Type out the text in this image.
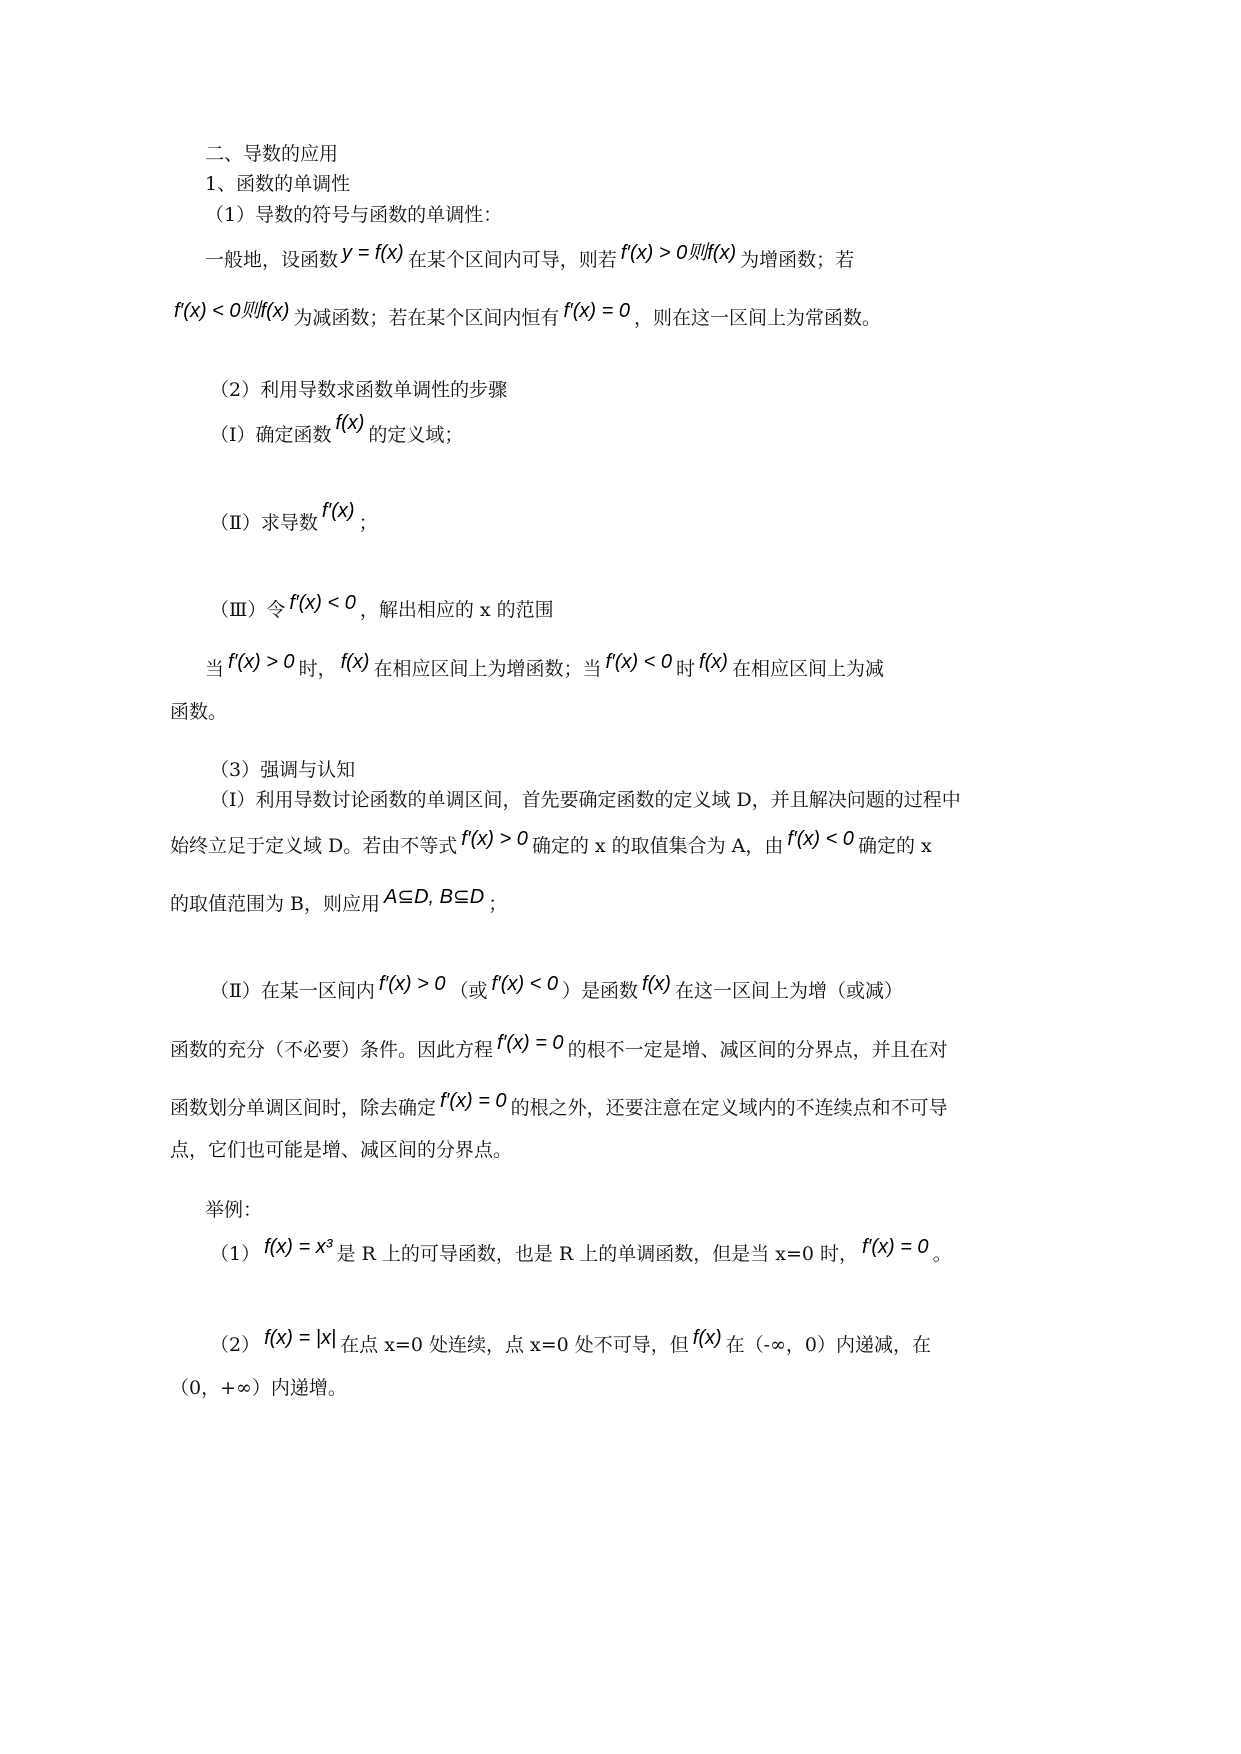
二、导数的应用
1、函数的单调性
（1）导数的符号与函数的单调性：
一般地，设函数 y = f(x) 在某个区间内可导，则若 f′(x) > 0则f(x) 为增函数；若
f′(x) < 0则f(x) 为减函数；若在某个区间内恒有 f′(x) = 0 ，则在这一区间上为常函数。
（2）利用导数求函数单调性的步骤
（Ⅰ）确定函数f(x)的定义域；
（Ⅱ）求导数f′(x)；
（Ⅲ）令 f′(x) < 0 ，解出相应的 x 的范围
当 f′(x) > 0 时， f(x) 在相应区间上为增函数；当 f′(x) < 0 时 f(x) 在相应区间上为减
函数。
（3）强调与认知
（Ⅰ）利用导数讨论函数的单调区间，首先要确定函数的定义域 D，并且解决问题的过程中
始终立足于定义域 D。若由不等式 f′(x) > 0 确定的 x 的取值集合为 A，由 f′(x) < 0 确定的 x
的取值范围为 B，则应用 A⊆D, B⊆D ；
（Ⅱ）在某一区间内 f′(x) > 0 （或 f′(x) < 0 ）是函数 f(x) 在这一区间上为增（或减）
函数的充分（不必要）条件。因此方程 f′(x) = 0 的根不一定是增、减区间的分界点，并且在对
函数划分单调区间时，除去确定 f′(x) = 0 的根之外，还要注意在定义域内的不连续点和不可导
点，它们也可能是增、减区间的分界点。
举例：
（1） f(x) = x³ 是 R 上的可导函数，也是 R 上的单调函数，但是当 x=0 时， f′(x) = 0 。
（2） f(x) = |x| 在点 x=0 处连续，点 x=0 处不可导，但 f(x) 在（-∞，0）内递减，在
（0，+∞）内递增。
